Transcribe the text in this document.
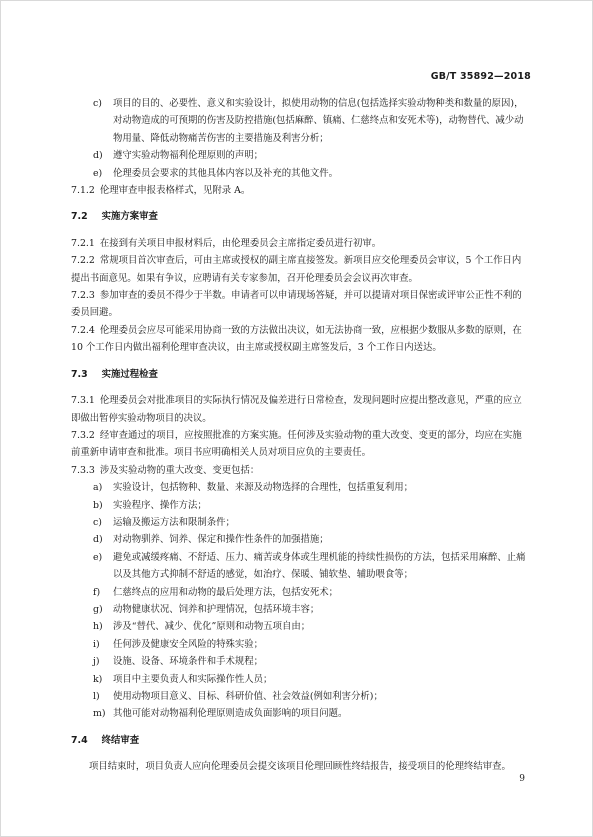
GB/T 35892—2018
c) 项目的目的、必要性、意义和实验设计，拟使用动物的信息(包括选择实验动物种类和数量的原因)，对动物造成的可预期的伤害及防控措施(包括麻醉、镇痛、仁慈终点和安死术等)，动物替代、减少动物用量、降低动物痛苦伤害的主要措施及利害分析；
d) 遵守实验动物福利伦理原则的声明；
e) 伦理委员会要求的其他具体内容以及补充的其他文件。
7.1.2 伦理审查申报表格样式，见附录 A。
7.2 实施方案审查
7.2.1 在接到有关项目申报材料后，由伦理委员会主席指定委员进行初审。
7.2.2 常规项目首次审查后，可由主席或授权的副主席直接签发。新项目应交伦理委员会审议，5 个工作日内提出书面意见。如果有争议，应聘请有关专家参加，召开伦理委员会会议再次审查。
7.2.3 参加审查的委员不得少于半数。申请者可以申请现场答疑，并可以提请对项目保密或评审公正性不利的委员回避。
7.2.4 伦理委员会应尽可能采用协商一致的方法做出决议，如无法协商一致，应根据少数服从多数的原则，在 10 个工作日内做出福利伦理审查决议，由主席或授权副主席签发后，3 个工作日内送达。
7.3 实施过程检查
7.3.1 伦理委员会对批准项目的实际执行情况及偏差进行日常检查，发现问题时应提出整改意见，严重的应立即做出暂停实验动物项目的决议。
7.3.2 经审查通过的项目，应按照批准的方案实施。任何涉及实验动物的重大改变、变更的部分，均应在实施前重新申请审查和批准。项目书应明确相关人员对项目应负的主要责任。
7.3.3 涉及实验动物的重大改变、变更包括：
a) 实验设计，包括物种、数量、来源及动物选择的合理性，包括重复利用；
b) 实验程序、操作方法；
c) 运输及搬运方法和限制条件；
d) 对动物驯养、饲养、保定和操作性条件的加强措施；
e) 避免或减缓疼痛、不舒适、压力、痛苦或身体或生理机能的持续性损伤的方法，包括采用麻醉、止痛以及其他方式抑制不舒适的感觉，如治疗、保暖、铺软垫、辅助喂食等；
f) 仁慈终点的应用和动物的最后处理方法，包括安死术；
g) 动物健康状况、饲养和护理情况，包括环境丰容；
h) 涉及“替代、减少、优化”原则和动物五项自由；
i) 任何涉及健康安全风险的特殊实验；
j) 设施、设备、环境条件和手术规程；
k) 项目中主要负责人和实际操作性人员；
l) 使用动物项目意义、目标、科研价值、社会效益(例如利害分析)；
m) 其他可能对动物福利伦理原则造成负面影响的项目问题。
7.4 终结审查
项目结束时，项目负责人应向伦理委员会提交该项目伦理回顾性终结报告，接受项目的伦理终结审查。
9
